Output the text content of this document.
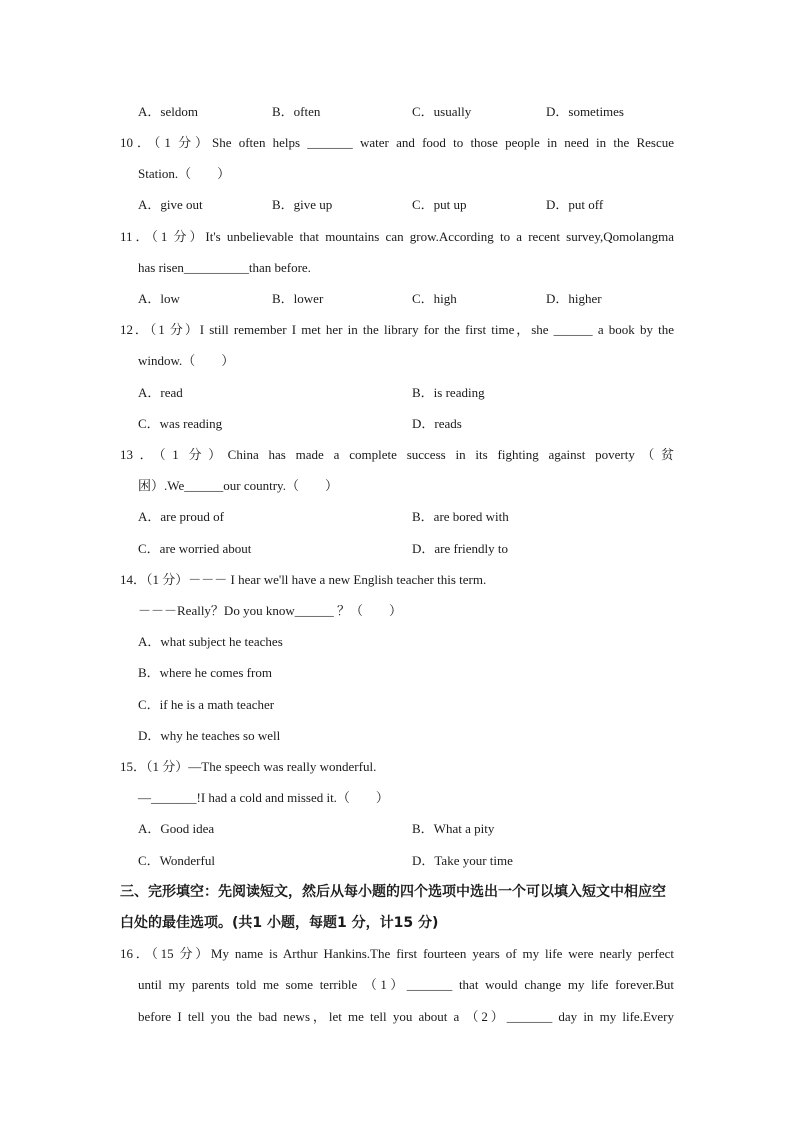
A．seldom	B．often	C．usually	D．sometimes
10．（1 分）She often helps _______ water and food to those people in need in the Rescue
Station.（　　）
A．give out	B．give up	C．put up	D．put off
11．（1 分）It's unbelievable that mountains can grow.According to a recent survey,Qomolangma
has risen__________than before.
A．low	B．lower	C．high	D．higher
12．（1 分）I still remember I met her in the library for the first time，she ______ a book by the
window.（　　）
A．read	B．is reading
C．was reading	D．reads
13．（1 分）China has made a complete success in its fighting against poverty（贫
困）.We______our country.（　　）
A．are proud of	B．are bored with
C．are worried about	D．are friendly to
14．（1 分）－－－ I hear we'll have a new English teacher this term.
－－－Really？Do you know______ ？（　　）
A．what subject he teaches
B．where he comes from
C．if he is a math teacher
D．why he teaches so well
15．（1 分）—The speech was really wonderful.
—_______!I had a cold and missed it.（　　）
A．Good idea	B．What a pity
C．Wonderful	D．Take your time
三、完形填空：先阅读短文，然后从每小题的四个选项中选出一个可以填入短文中相应空
白处的最佳选项。(共1 小题，每题1 分，计15 分)
16．（15 分）My name is Arthur Hankins.The first fourteen years of my life were nearly perfect
until my parents told me some terrible （1）_______ that would change my life forever.But
before I tell you the bad news，let me tell you about a （2）_______ day in my life.Every
